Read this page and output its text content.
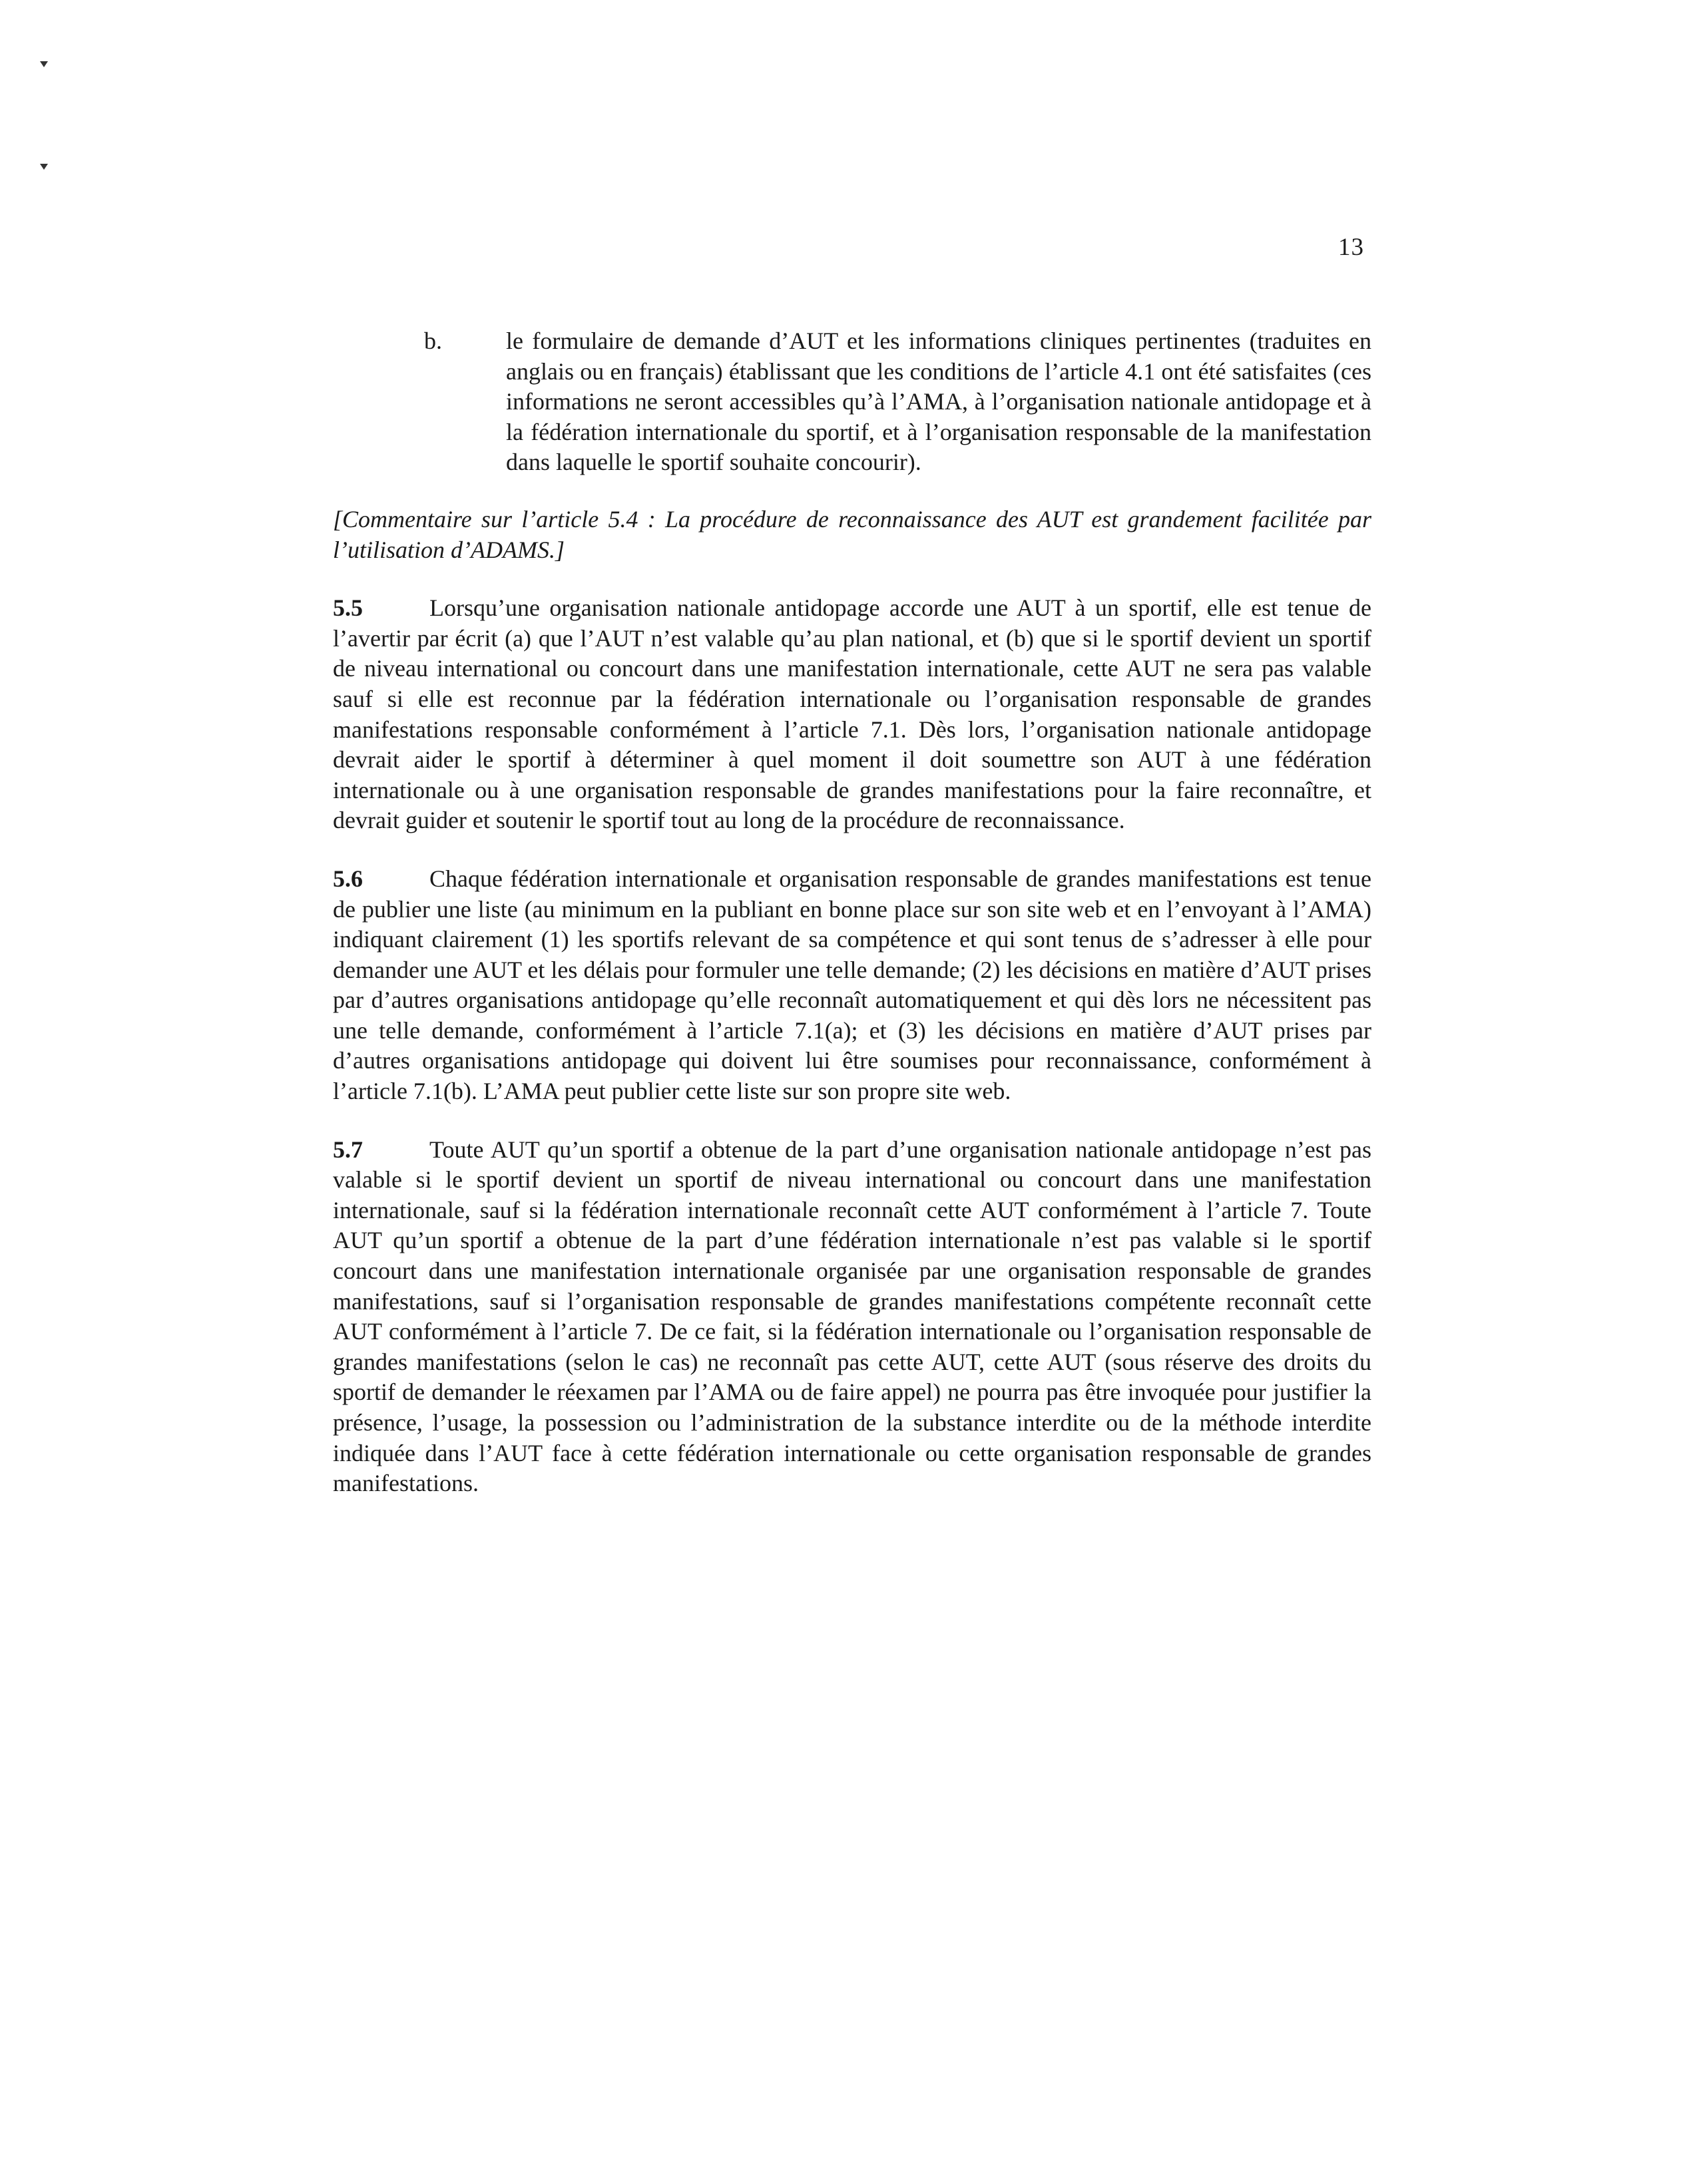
13
b.	le formulaire de demande d’AUT et les informations cliniques pertinentes (traduites en anglais ou en français) établissant que les conditions de l’article 4.1 ont été satisfaites (ces informations ne seront accessibles qu’à l’AMA, à l’organisation nationale antidopage et à la fédération internationale du sportif, et à l’organisation responsable de la manifestation dans laquelle le sportif souhaite concourir).

[Commentaire sur l’article 5.4 : La procédure de reconnaissance des AUT est grandement facilitée par l’utilisation d’ADAMS.]

5.5	Lorsqu’une organisation nationale antidopage accorde une AUT à un sportif, elle est tenue de l’avertir par écrit (a) que l’AUT n’est valable qu’au plan national, et (b) que si le sportif devient un sportif de niveau international ou concourt dans une manifestation internationale, cette AUT ne sera pas valable sauf si elle est reconnue par la fédération internationale ou l’organisation responsable de grandes manifestations responsable conformément à l’article 7.1. Dès lors, l’organisation nationale antidopage devrait aider le sportif à déterminer à quel moment il doit soumettre son AUT à une fédération internationale ou à une organisation responsable de grandes manifestations pour la faire reconnaître, et devrait guider et soutenir le sportif tout au long de la procédure de reconnaissance.

5.6	Chaque fédération internationale et organisation responsable de grandes manifestations est tenue de publier une liste (au minimum en la publiant en bonne place sur son site web et en l’envoyant à l’AMA) indiquant clairement (1) les sportifs relevant de sa compétence et qui sont tenus de s’adresser à elle pour demander une AUT et les délais pour formuler une telle demande; (2) les décisions en matière d’AUT prises par d’autres organisations antidopage qu’elle reconnaît automatiquement et qui dès lors ne nécessitent pas une telle demande, conformément à l’article 7.1(a); et (3) les décisions en matière d’AUT prises par d’autres organisations antidopage qui doivent lui être soumises pour reconnaissance, conformément à l’article 7.1(b). L’AMA peut publier cette liste sur son propre site web.

5.7	Toute AUT qu’un sportif a obtenue de la part d’une organisation nationale antidopage n’est pas valable si le sportif devient un sportif de niveau international ou concourt dans une manifestation internationale, sauf si la fédération internationale reconnaît cette AUT conformément à l’article 7. Toute AUT qu’un sportif a obtenue de la part d’une fédération internationale n’est pas valable si le sportif concourt dans une manifestation internationale organisée par une organisation responsable de grandes manifestations, sauf si l’organisation responsable de grandes manifestations compétente reconnaît cette AUT conformément à l’article 7. De ce fait, si la fédération internationale ou l’organisation responsable de grandes manifestations (selon le cas) ne reconnaît pas cette AUT, cette AUT (sous réserve des droits du sportif de demander le réexamen par l’AMA ou de faire appel) ne pourra pas être invoquée pour justifier la présence, l’usage, la possession ou l’administration de la substance interdite ou de la méthode interdite indiquée dans l’AUT face à cette fédération internationale ou cette organisation responsable de grandes manifestations.
